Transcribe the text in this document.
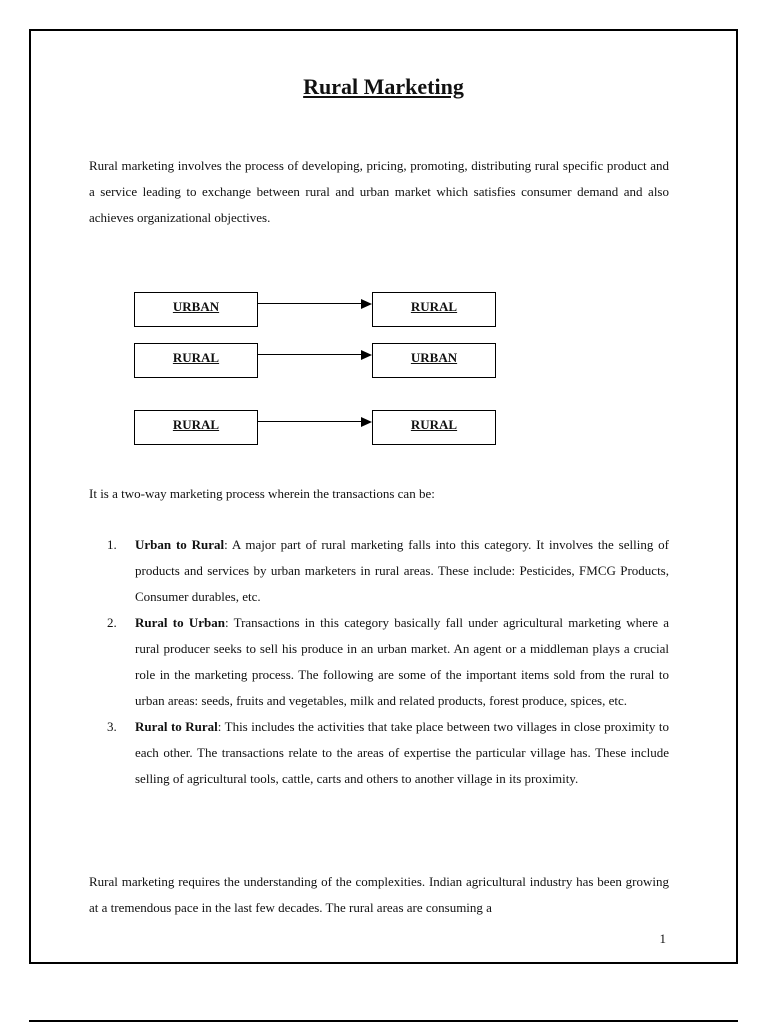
Rural Marketing

Rural marketing involves the process of developing, pricing, promoting, distributing rural specific product and a service leading to exchange between rural and urban market which satisfies consumer demand and also achieves organizational objectives.

URBAN	RURAL
RURAL	URBAN
RURAL	RURAL

It is a two-way marketing process wherein the transactions can be:

1. Urban to Rural: A major part of rural marketing falls into this category. It involves the selling of products and services by urban marketers in rural areas. These include: Pesticides, FMCG Products, Consumer durables, etc.
2. Rural to Urban: Transactions in this category basically fall under agricultural marketing where a rural producer seeks to sell his produce in an urban market. An agent or a middleman plays a crucial role in the marketing process. The following are some of the important items sold from the rural to urban areas: seeds, fruits and vegetables, milk and related products, forest produce, spices, etc.
3. Rural to Rural: This includes the activities that take place between two villages in close proximity to each other. The transactions relate to the areas of expertise the particular village has. These include selling of agricultural tools, cattle, carts and others to another village in its proximity.

Rural marketing requires the understanding of the complexities. Indian agricultural industry has been growing at a tremendous pace in the last few decades. The rural areas are consuming a

1
